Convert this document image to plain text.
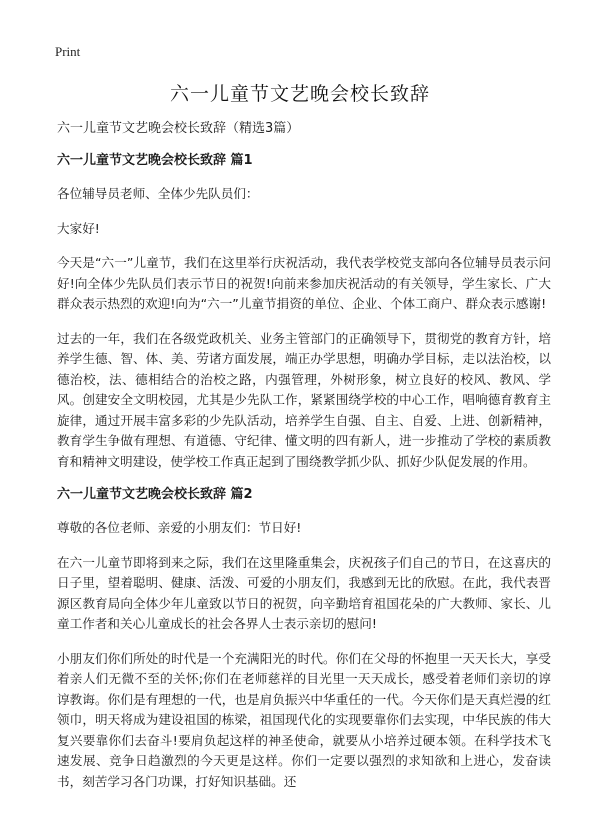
Print
六一儿童节文艺晚会校长致辞

六一儿童节文艺晚会校长致辞（精选3篇）

六一儿童节文艺晚会校长致辞 篇1

各位辅导员老师、全体少先队员们：

大家好!

今天是“六一”儿童节，我们在这里举行庆祝活动，我代表学校党支部向各位辅导员表示问好!向全体少先队员们表示节日的祝贺!向前来参加庆祝活动的有关领导，学生家长、广大群众表示热烈的欢迎!向为“六一”儿童节捐资的单位、企业、个体工商户、群众表示感谢!

过去的一年，我们在各级党政机关、业务主管部门的正确领导下，贯彻党的教育方针，培养学生德、智、体、美、劳诸方面发展，端正办学思想，明确办学目标，走以法治校，以德治校，法、德相结合的治校之路，内强管理，外树形象，树立良好的校风、教风、学风。创建安全文明校园，尤其是少先队工作，紧紧围绕学校的中心工作，唱响德育教育主旋律，通过开展丰富多彩的少先队活动，培养学生自强、自主、自爱、上进、创新精神，教育学生争做有理想、有道德、守纪律、懂文明的四有新人，进一步推动了学校的素质教育和精神文明建设，使学校工作真正起到了围绕教学抓少队、抓好少队促发展的作用。

六一儿童节文艺晚会校长致辞 篇2

尊敬的各位老师、亲爱的小朋友们：节日好!

在六一儿童节即将到来之际，我们在这里隆重集会，庆祝孩子们自己的节日，在这喜庆的日子里，望着聪明、健康、活泼、可爱的小朋友们，我感到无比的欣慰。在此，我代表晋源区教育局向全体少年儿童致以节日的祝贺，向辛勤培育祖国花朵的广大教师、家长、儿童工作者和关心儿童成长的社会各界人士表示亲切的慰问!

小朋友们你们所处的时代是一个充满阳光的时代。你们在父母的怀抱里一天天长大，享受着亲人们无微不至的关怀;你们在老师慈祥的目光里一天天成长，感受着老师们亲切的谆谆教诲。你们是有理想的一代，也是肩负振兴中华重任的一代。今天你们是天真烂漫的红领巾，明天将成为建设祖国的栋梁，祖国现代化的实现要靠你们去实现，中华民族的伟大复兴要靠你们去奋斗!要肩负起这样的神圣使命，就要从小培养过硬本领。在科学技术飞速发展、竞争日趋激烈的今天更是这样。你们一定要以强烈的求知欲和上进心，发奋读书，刻苦学习各门功课，打好知识基础。还
